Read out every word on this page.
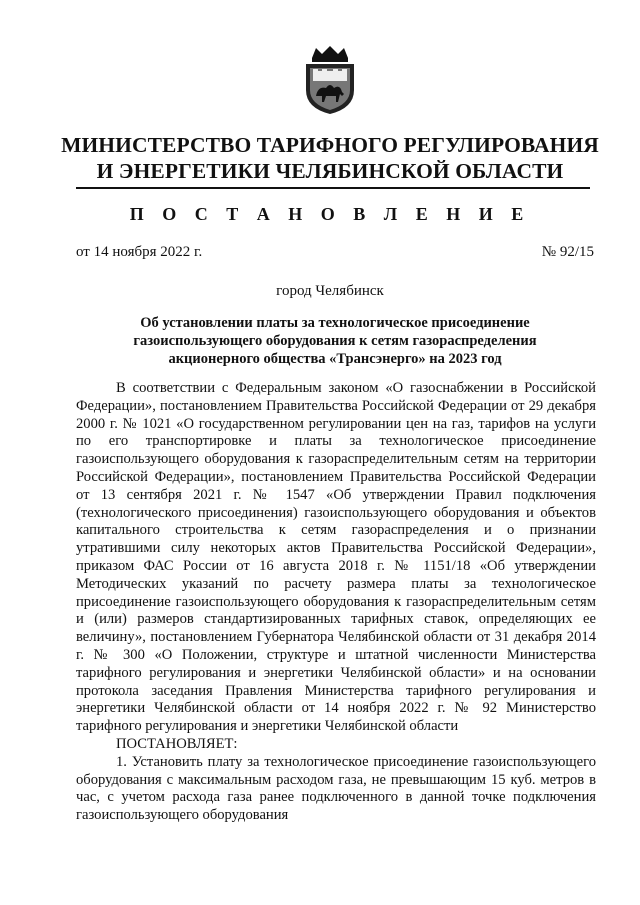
МИНИСТЕРСТВО ТАРИФНОГО РЕГУЛИРОВАНИЯ
И ЭНЕРГЕТИКИ ЧЕЛЯБИНСКОЙ ОБЛАСТИ
П О С Т А Н О В Л Е Н И Е
от 14 ноября 2022 г.	№ 92/15
город Челябинск
Об установлении платы за технологическое присоединение газоиспользующего оборудования к сетям газораспределения акционерного общества «Трансэнерго» на 2023 год

В соответствии с Федеральным законом «О газоснабжении в Российской Федерации», постановлением Правительства Российской Федерации от 29 декабря 2000 г. № 1021 «О государственном регулировании цен на газ, тарифов на услуги по его транспортировке и платы за технологическое присоединение газоиспользующего оборудования к газораспределительным сетям на территории Российской Федерации», постановлением Правительства Российской Федерации от 13 сентября 2021 г. № 1547 «Об утверждении Правил подключения (технологического присоединения) газоиспользующего оборудования и объектов капитального строительства к сетям газораспределения и о признании утратившими силу некоторых актов Правительства Российской Федерации», приказом ФАС России от 16 августа 2018 г. № 1151/18 «Об утверждении Методических указаний по расчету размера платы за технологическое присоединение газоиспользующего оборудования к газораспределительным сетям и (или) размеров стандартизированных тарифных ставок, определяющих ее величину», постановлением Губернатора Челябинской области от 31 декабря 2014 г. № 300 «О Положении, структуре и штатной численности Министерства тарифного регулирования и энергетики Челябинской области» и на основании протокола заседания Правления Министерства тарифного регулирования и энергетики Челябинской области от 14 ноября 2022 г. № 92 Министерство тарифного регулирования и энергетики Челябинской области

ПОСТАНОВЛЯЕТ:

1. Установить плату за технологическое присоединение газоиспользующего оборудования с максимальным расходом газа, не превышающим 15 куб. метров в час, с учетом расхода газа ранее подключенного в данной точке подключения газоиспользующего оборудования
